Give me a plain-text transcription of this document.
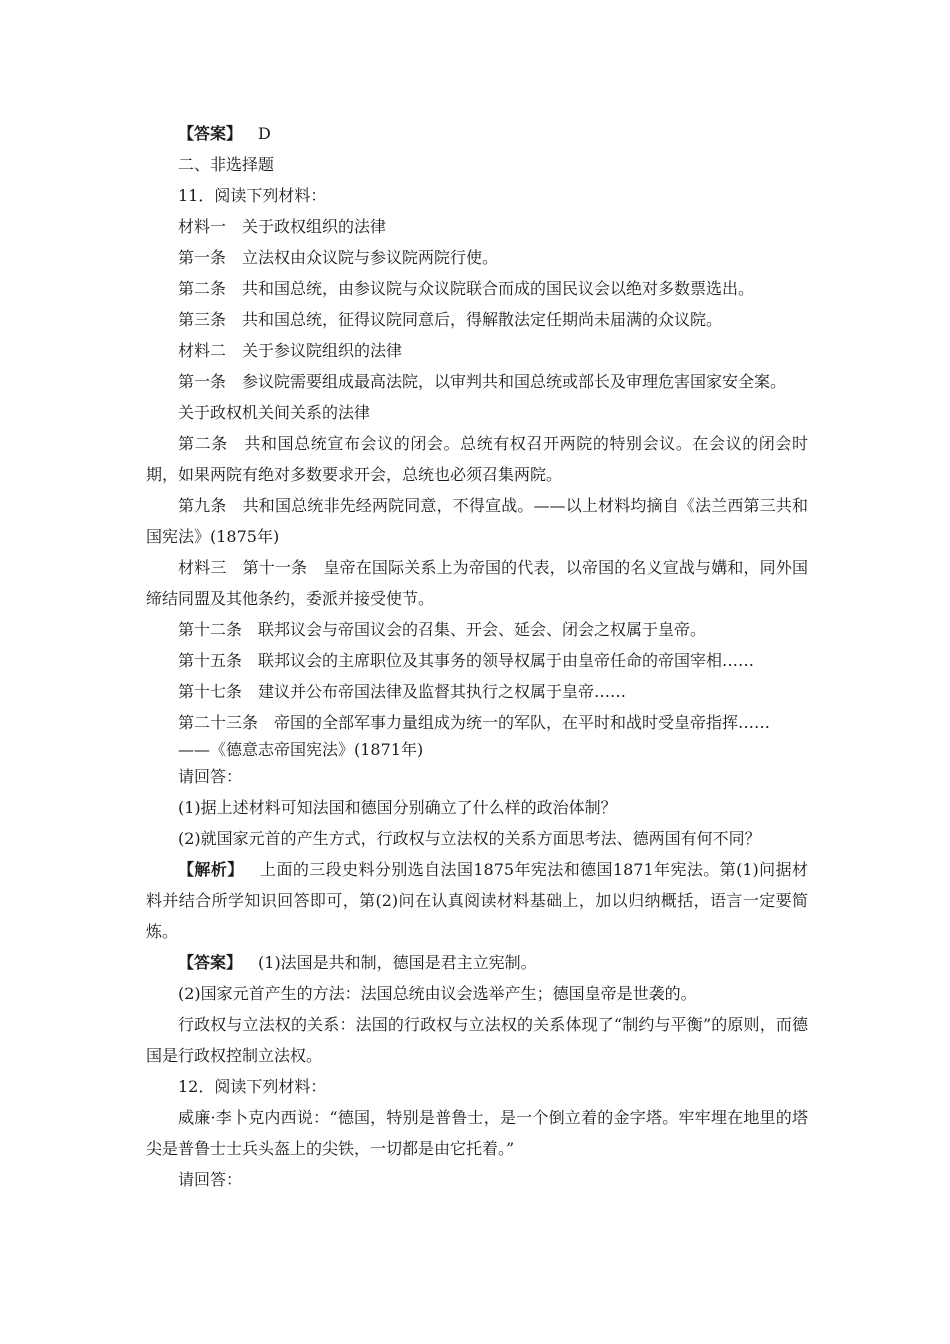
【答案】 D
二、非选择题
11．阅读下列材料：
材料一　关于政权组织的法律
第一条　立法权由众议院与参议院两院行使。
第二条　共和国总统，由参议院与众议院联合而成的国民议会以绝对多数票选出。
第三条　共和国总统，征得议院同意后，得解散法定任期尚未届满的众议院。
材料二　关于参议院组织的法律
第一条　参议院需要组成最高法院，以审判共和国总统或部长及审理危害国家安全案。
关于政权机关间关系的法律
第二条　共和国总统宣布会议的闭会。总统有权召开两院的特别会议。在会议的闭会时期，如果两院有绝对多数要求开会，总统也必须召集两院。
第九条　共和国总统非先经两院同意，不得宣战。——以上材料均摘自《法兰西第三共和国宪法》(1875年)
材料三　第十一条　皇帝在国际关系上为帝国的代表，以帝国的名义宣战与媾和，同外国缔结同盟及其他条约，委派并接受使节。
第十二条　联邦议会与帝国议会的召集、开会、延会、闭会之权属于皇帝。
第十五条　联邦议会的主席职位及其事务的领导权属于由皇帝任命的帝国宰相……
第十七条　建议并公布帝国法律及监督其执行之权属于皇帝……
第二十三条　帝国的全部军事力量组成为统一的军队，在平时和战时受皇帝指挥……
——《德意志帝国宪法》(1871年)
请回答：
(1)据上述材料可知法国和德国分别确立了什么样的政治体制？
(2)就国家元首的产生方式，行政权与立法权的关系方面思考法、德两国有何不同？
【解析】 上面的三段史料分别选自法国1875年宪法和德国1871年宪法。第(1)问据材料并结合所学知识回答即可，第(2)问在认真阅读材料基础上，加以归纳概括，语言一定要简炼。
【答案】 (1)法国是共和制，德国是君主立宪制。
(2)国家元首产生的方法：法国总统由议会选举产生；德国皇帝是世袭的。
行政权与立法权的关系：法国的行政权与立法权的关系体现了“制约与平衡”的原则，而德国是行政权控制立法权。
12．阅读下列材料：
威廉·李卜克内西说：“德国，特别是普鲁士，是一个倒立着的金字塔。牢牢埋在地里的塔尖是普鲁士士兵头盔上的尖铁，一切都是由它托着。”
请回答：
